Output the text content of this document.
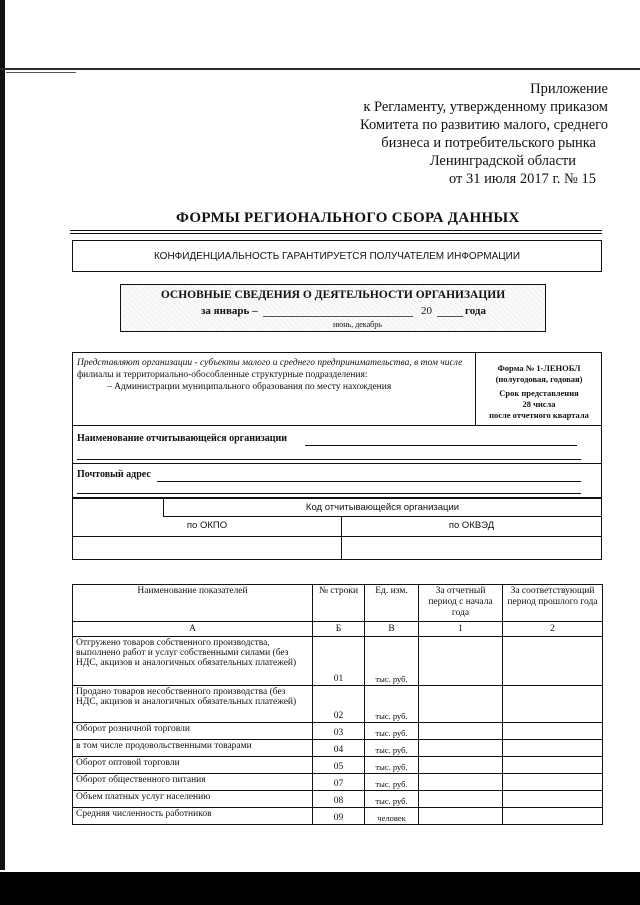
Приложение
к Регламенту, утвержденному приказом
Комитета по развитию малого, среднего
бизнеса и потребительского рынка
Ленинградской области
от 31 июля 2017 г. № 15
ФОРМЫ РЕГИОНАЛЬНОГО СБОРА ДАННЫХ
КОНФИДЕНЦИАЛЬНОСТЬ ГАРАНТИРУЕТСЯ ПОЛУЧАТЕЛЕМ ИНФОРМАЦИИ
ОСНОВНЫЕ СВЕДЕНИЯ О ДЕЯТЕЛЬНОСТИ ОРГАНИЗАЦИИ
за январь –	20	года
июнь, декабрь
Представляют организации - субъекты малого и среднего предпринимательства, в том числе филиалы и территориально-обособленные структурные подразделения:
– Администрации муниципального образования по месту нахождения
Форма № 1-ЛЕНОБЛ
(полугодовая, годовая)
Срок представления
28 числа
после отчетного квартала
Наименование отчитывающейся организации
Почтовый адрес
Код отчитывающейся организации
по ОКПО	по ОКВЭД
Наименование показателей	№ строки	Ед. изм.	За отчетный период с начала года	За соответствующий период прошлого года
А	Б	В	1	2
Отгружено товаров собственного производства, выполнено работ и услуг собственными силами (без НДС, акцизов и аналогичных обязательных платежей)	01	тыс. руб.		
Продано товаров несобственного производства (без НДС, акцизов и аналогичных обязательных платежей)	02	тыс. руб.		
Оборот розничной торговли	03	тыс. руб.		
в том числе продовольственными товарами	04	тыс. руб.		
Оборот оптовой торговли	05	тыс. руб.		
Оборот общественного питания	07	тыс. руб.		
Объем платных услуг населению	08	тыс. руб.		
Средняя численность работников	09	человек		
